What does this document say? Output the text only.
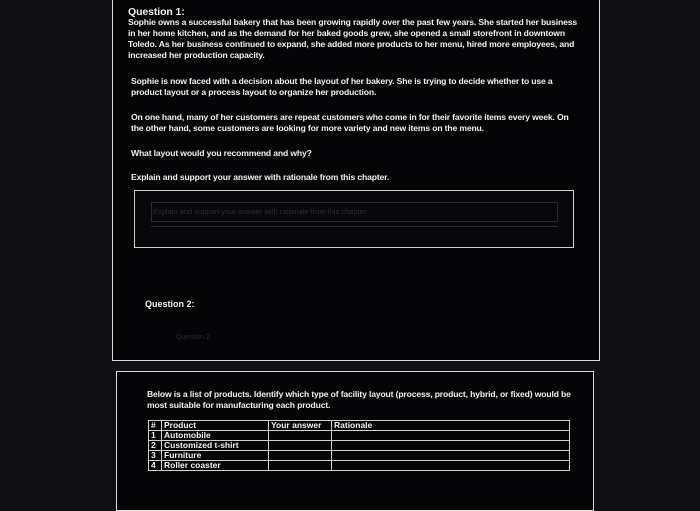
Question 1:
Sophie owns a successful bakery that has been growing rapidly over the past few years. She started her business in her home kitchen, and as the demand for her baked goods grew, she opened a small storefront in downtown Toledo. As her business continued to expand, she added more products to her menu, hired more employees, and increased her production capacity.
Sophie is now faced with a decision about the layout of her bakery. She is trying to decide whether to use a product layout or a process layout to organize her production.
On one hand, many of her customers are repeat customers who come in for their favorite items every week. On the other hand, some customers are looking for more variety and new items on the menu.
What layout would you recommend and why?
Explain and support your answer with rationale from this chapter.
Explain and support your answer with rationale from this chapter.
Question 2:
Question 2
Below is a list of products. Identify which type of facility layout (process, product, hybrid, or fixed) would be most suitable for manufacturing each product.
#	Product	Your answer	Rationale
1	Automobile		
2	Customized t-shirt		
3	Furniture		
4	Roller coaster		
